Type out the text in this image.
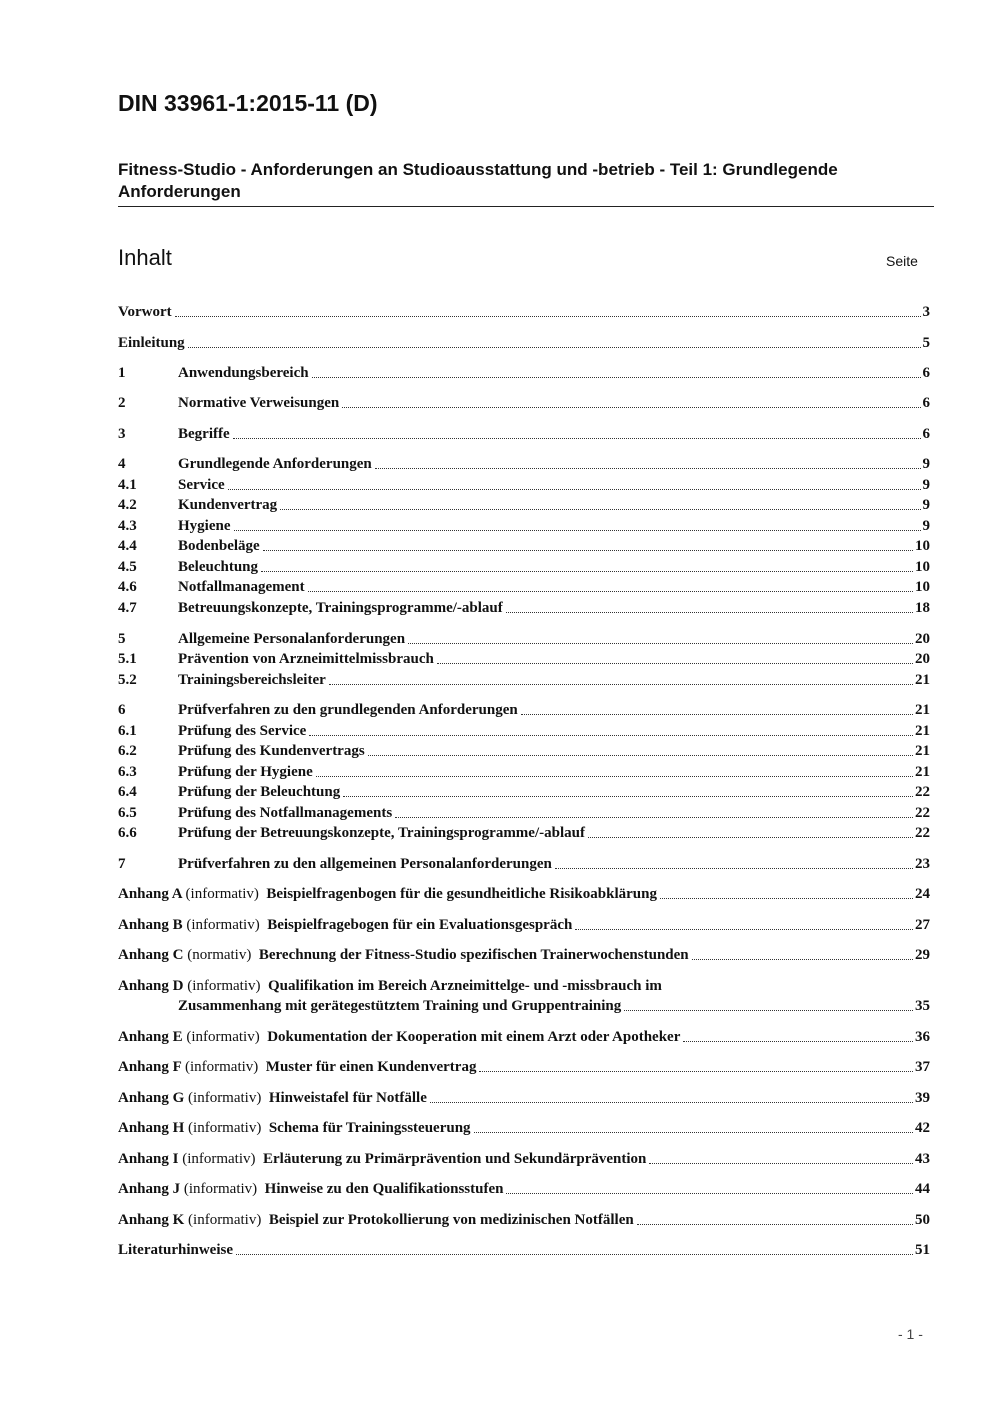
DIN 33961-1:2015-11 (D)

Fitness-Studio - Anforderungen an Studioausstattung und -betrieb - Teil 1: Grundlegende Anforderungen

Inhalt	Seite
Vorwort	3
Einleitung	5
1	Anwendungsbereich	6
2	Normative Verweisungen	6
3	Begriffe	6
4	Grundlegende Anforderungen	9
4.1	Service	9
4.2	Kundenvertrag	9
4.3	Hygiene	9
4.4	Bodenbeläge	10
4.5	Beleuchtung	10
4.6	Notfallmanagement	10
4.7	Betreuungskonzepte, Trainingsprogramme/-ablauf	18
5	Allgemeine Personalanforderungen	20
5.1	Prävention von Arzneimittelmissbrauch	20
5.2	Trainingsbereichsleiter	21
6	Prüfverfahren zu den grundlegenden Anforderungen	21
6.1	Prüfung des Service	21
6.2	Prüfung des Kundenvertrags	21
6.3	Prüfung der Hygiene	21
6.4	Prüfung der Beleuchtung	22
6.5	Prüfung des Notfallmanagements	22
6.6	Prüfung der Betreuungskonzepte, Trainingsprogramme/-ablauf	22
7	Prüfverfahren zu den allgemeinen Personalanforderungen	23
Anhang A (informativ)  Beispielfragenbogen für die gesundheitliche Risikoabklärung	24
Anhang B (informativ)  Beispielfragebogen für ein Evaluationsgespräch	27
Anhang C (normativ)  Berechnung der Fitness-Studio spezifischen Trainerwochenstunden	29
Anhang D (informativ)  Qualifikation im Bereich Arzneimittelge- und -missbrauch im
Zusammenhang mit gerätegestütztem Training und Gruppentraining	35
Anhang E (informativ)  Dokumentation der Kooperation mit einem Arzt oder Apotheker	36
Anhang F (informativ)  Muster für einen Kundenvertrag	37
Anhang G (informativ)  Hinweistafel für Notfälle	39
Anhang H (informativ)  Schema für Trainingssteuerung	42
Anhang I (informativ)  Erläuterung zu Primärprävention und Sekundärprävention	43
Anhang J (informativ)  Hinweise zu den Qualifikationsstufen	44
Anhang K (informativ)  Beispiel zur Protokollierung von medizinischen Notfällen	50
Literaturhinweise	51
- 1 -
